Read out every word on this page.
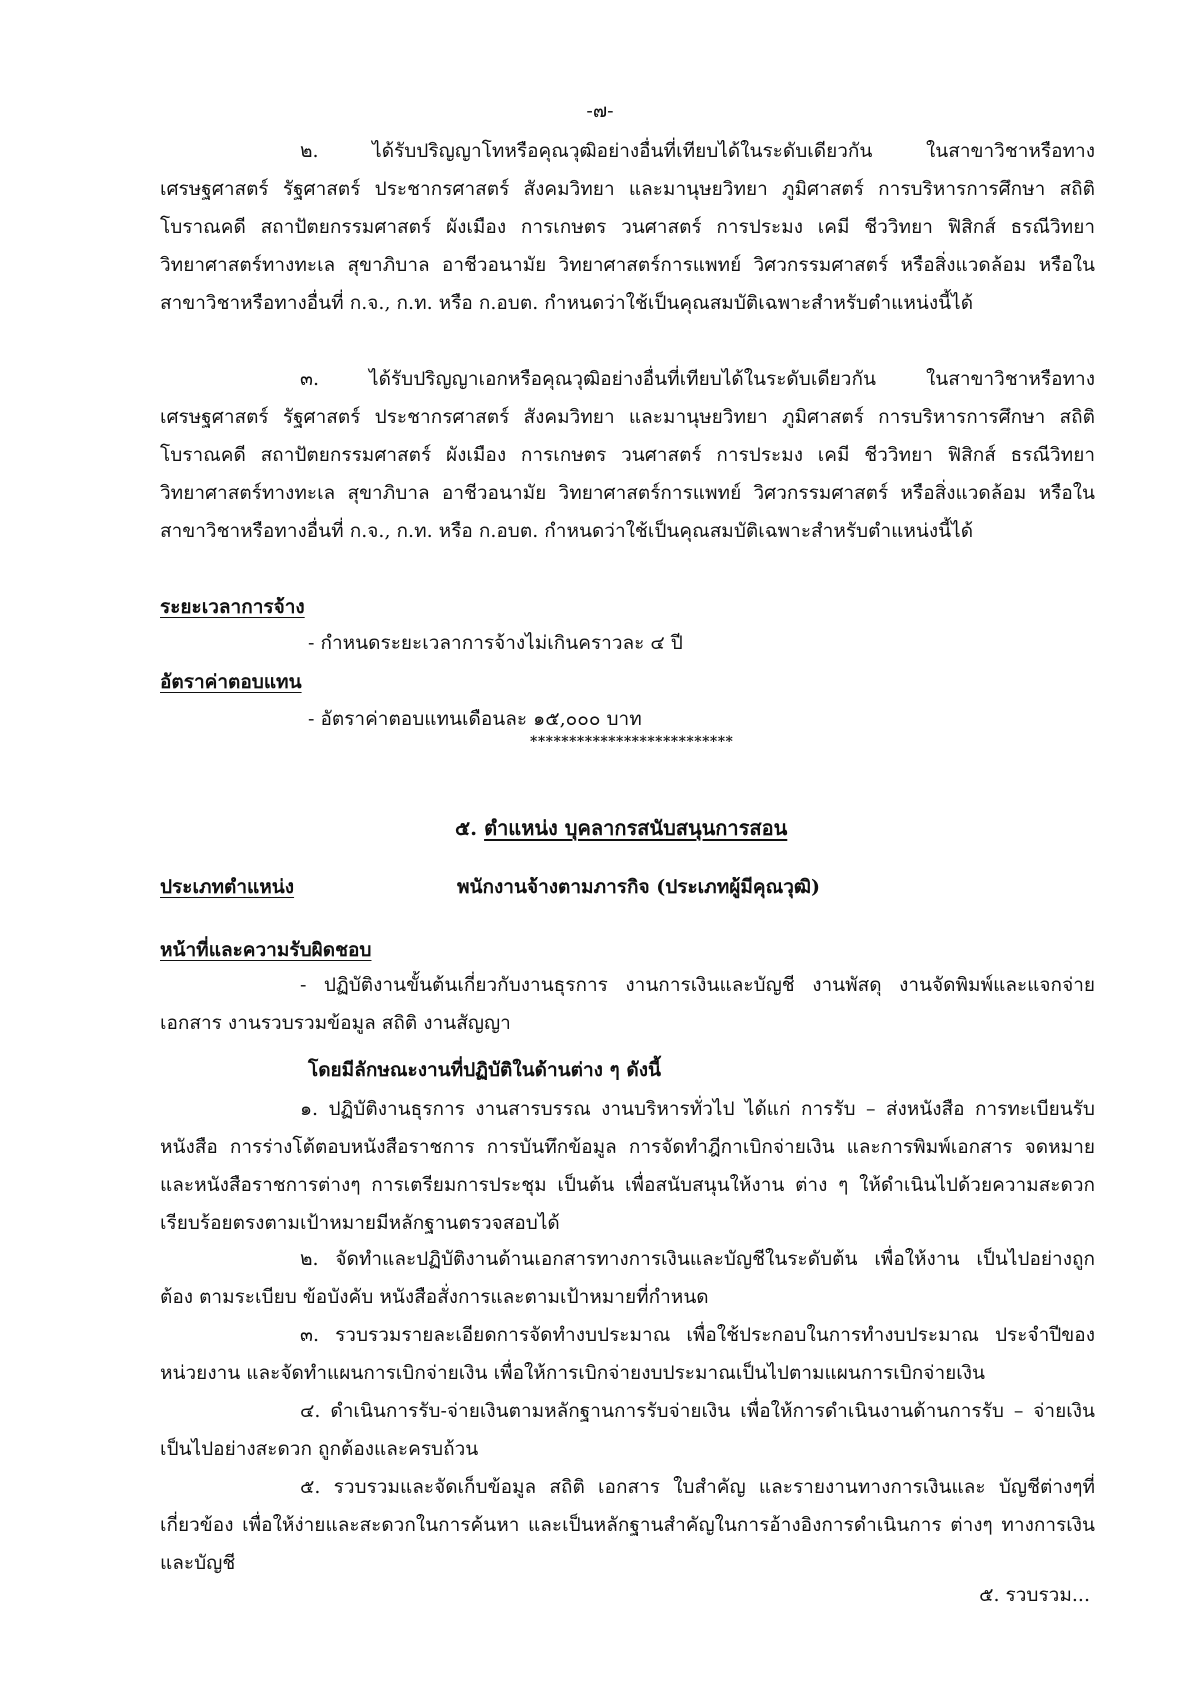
-๗-
๒. ได้รับปริญญาโทหรือคุณวุฒิอย่างอื่นที่เทียบได้ในระดับเดียวกัน ในสาขาวิชาหรือทางเศรษฐศาสตร์ รัฐศาสตร์ ประชากรศาสตร์ สังคมวิทยา และมานุษยวิทยา ภูมิศาสตร์ การบริหารการศึกษา สถิติ โบราณคดี สถาปัตยกรรมศาสตร์ ผังเมือง การเกษตร วนศาสตร์ การประมง เคมี ชีววิทยา ฟิสิกส์ ธรณีวิทยา วิทยาศาสตร์ทางทะเล สุขาภิบาล อาชีวอนามัย วิทยาศาสตร์การแพทย์ วิศวกรรมศาสตร์ หรือสิ่งแวดล้อม หรือในสาขาวิชาหรือทางอื่นที่ ก.จ., ก.ท. หรือ ก.อบต. กำหนดว่าใช้เป็นคุณสมบัติเฉพาะสำหรับตำแหน่งนี้ได้
๓. ได้รับปริญญาเอกหรือคุณวุฒิอย่างอื่นที่เทียบได้ในระดับเดียวกัน ในสาขาวิชาหรือทางเศรษฐศาสตร์ รัฐศาสตร์ ประชากรศาสตร์ สังคมวิทยา และมานุษยวิทยา ภูมิศาสตร์ การบริหารการศึกษา สถิติ โบราณคดี สถาปัตยกรรมศาสตร์ ผังเมือง การเกษตร วนศาสตร์ การประมง เคมี ชีววิทยา ฟิสิกส์ ธรณีวิทยา วิทยาศาสตร์ทางทะเล สุขาภิบาล อาชีวอนามัย วิทยาศาสตร์การแพทย์ วิศวกรรมศาสตร์ หรือสิ่งแวดล้อม หรือในสาขาวิชาหรือทางอื่นที่ ก.จ., ก.ท. หรือ ก.อบต. กำหนดว่าใช้เป็นคุณสมบัติเฉพาะสำหรับตำแหน่งนี้ได้
ระยะเวลาการจ้าง
- กำหนดระยะเวลาการจ้างไม่เกินคราวละ ๔ ปี
อัตราค่าตอบแทน
- อัตราค่าตอบแทนเดือนละ ๑๕,๐๐๐ บาท
**************************
๕. ตำแหน่ง บุคลากรสนับสนุนการสอน
ประเภทตำแหน่ง	พนักงานจ้างตามภารกิจ (ประเภทผู้มีคุณวุฒิ)
หน้าที่และความรับผิดชอบ
- ปฏิบัติงานขั้นต้นเกี่ยวกับงานธุรการ งานการเงินและบัญชี งานพัสดุ งานจัดพิมพ์และแจกจ่ายเอกสาร งานรวบรวมข้อมูล สถิติ งานสัญญา
โดยมีลักษณะงานที่ปฏิบัติในด้านต่าง ๆ ดังนี้
๑. ปฏิบัติงานธุรการ งานสารบรรณ งานบริหารทั่วไป ได้แก่ การรับ – ส่งหนังสือ การทะเบียนรับหนังสือ การร่างโต้ตอบหนังสือราชการ การบันทึกข้อมูล การจัดทำฎีกาเบิกจ่ายเงิน และการพิมพ์เอกสาร จดหมาย และหนังสือราชการต่างๆ การเตรียมการประชุม เป็นต้น เพื่อสนับสนุนให้งาน ต่าง ๆ ให้ดำเนินไปด้วยความสะดวกเรียบร้อยตรงตามเป้าหมายมีหลักฐานตรวจสอบได้
๒. จัดทำและปฏิบัติงานด้านเอกสารทางการเงินและบัญชีในระดับต้น เพื่อให้งาน เป็นไปอย่างถูกต้อง ตามระเบียบ ข้อบังคับ หนังสือสั่งการและตามเป้าหมายที่กำหนด
๓. รวบรวมรายละเอียดการจัดทำงบประมาณ เพื่อใช้ประกอบในการทำงบประมาณ ประจำปีของหน่วยงาน และจัดทำแผนการเบิกจ่ายเงิน เพื่อให้การเบิกจ่ายงบประมาณเป็นไปตามแผนการเบิกจ่ายเงิน
๔. ดำเนินการรับ-จ่ายเงินตามหลักฐานการรับจ่ายเงิน เพื่อให้การดำเนินงานด้านการรับ – จ่ายเงินเป็นไปอย่างสะดวก ถูกต้องและครบถ้วน
๕. รวบรวมและจัดเก็บข้อมูล สถิติ เอกสาร ใบสำคัญ และรายงานทางการเงินและ บัญชีต่างๆที่เกี่ยวข้อง เพื่อให้ง่ายและสะดวกในการค้นหา และเป็นหลักฐานสำคัญในการอ้างอิงการดำเนินการ ต่างๆ ทางการเงินและบัญชี
๕. รวบรวม...
